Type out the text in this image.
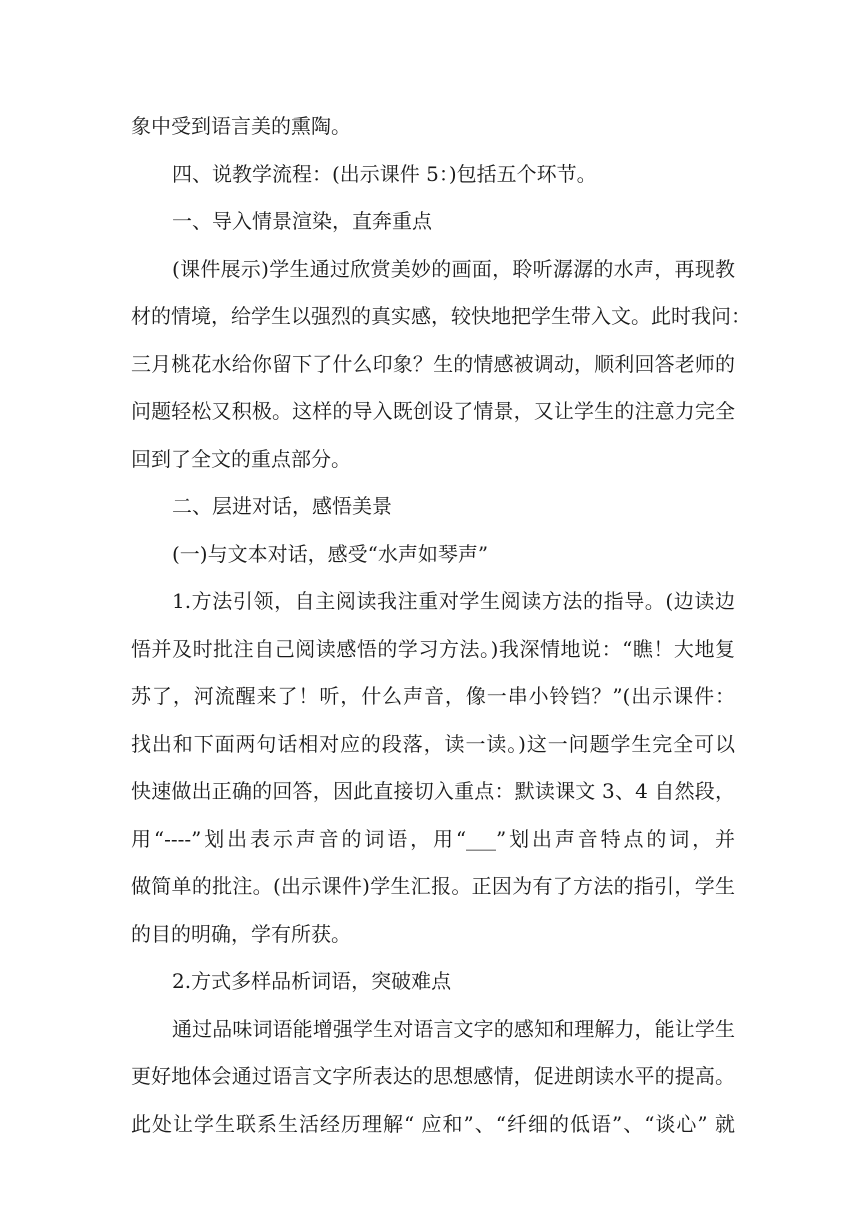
象中受到语言美的熏陶。
四、说教学流程：(出示课件 5：)包括五个环节。
一、导入情景渲染，直奔重点
(课件展示)学生通过欣赏美妙的画面，聆听潺潺的水声，再现教
材的情境，给学生以强烈的真实感，较快地把学生带入文。此时我问：
三月桃花水给你留下了什么印象？生的情感被调动，顺利回答老师的
问题轻松又积极。这样的导入既创设了情景，又让学生的注意力完全
回到了全文的重点部分。
二、层进对话，感悟美景
(一)与文本对话，感受“水声如琴声”
1.方法引领，自主阅读我注重对学生阅读方法的指导。(边读边
悟并及时批注自己阅读感悟的学习方法。)我深情地说：“瞧！大地复
苏了，河流醒来了！听，什么声音，像一串小铃铛？”(出示课件：
找出和下面两句话相对应的段落，读一读。)这一问题学生完全可以
快速做出正确的回答，因此直接切入重点：默读课文 3、4 自然段，
用“----”划出表示声音的词语，用“___”划出声音特点的词，并
做简单的批注。(出示课件)学生汇报。正因为有了方法的指引，学生
的目的明确，学有所获。
2.方式多样品析词语，突破难点
通过品味词语能增强学生对语言文字的感知和理解力，能让学生
更好地体会通过语言文字所表达的思想感情，促进朗读水平的提高。
此处让学生联系生活经历理解“ 应和”、“纤细的低语”、“谈心” 就
